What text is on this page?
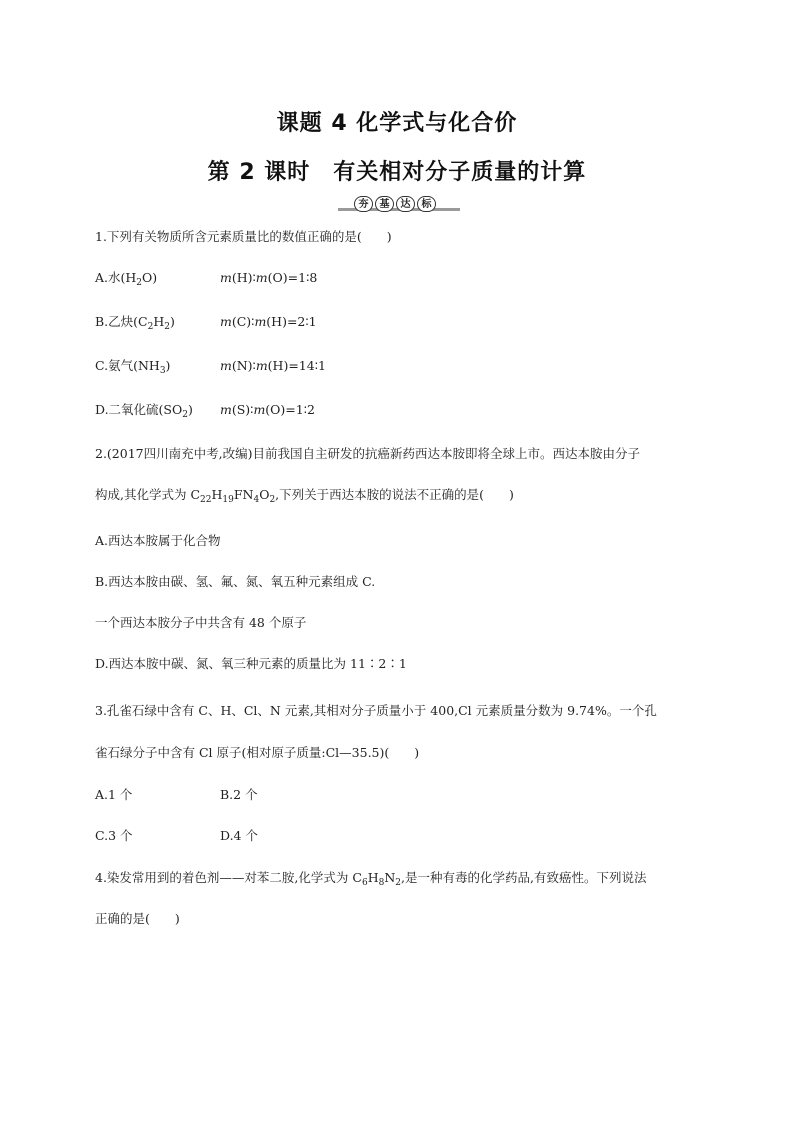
课题 4 化学式与化合价
第 2 课时　有关相对分子质量的计算
夯	基	达	标
1.下列有关物质所含元素质量比的数值正确的是(　　)
A.水$(H_2O)$	m(H)∶m(O)=1∶8
B.乙炔$(C_2H_2)$	m(C)∶m(H)=2∶1
C.氨气$(NH_3)$	m(N)∶m(H)=14∶1
D.二氧化硫$(SO_2)$ m(S)∶m(O)=1∶2
2.(2017四川南充中考,改编)目前我国自主研发的抗癌新药西达本胺即将全球上市。西达本胺由分子
构成,其化学式为 $C_{22}H_{19}FN_4O_2$,下列关于西达本胺的说法不正确的是(　　)
A.西达本胺属于化合物
B.西达本胺由碳、氢、氟、氮、氧五种元素组成 C.
一个西达本胺分子中共含有 48 个原子
D.西达本胺中碳、氮、氧三种元素的质量比为 11∶2∶1
3.孔雀石绿中含有 C、H、Cl、N 元素,其相对分子质量小于 400,Cl 元素质量分数为 9.74%。一个孔
雀石绿分子中含有 Cl 原子(相对原子质量:Cl—35.5)(　　)
A.1 个	B.2 个
C.3 个	D.4 个
4.染发常用到的着色剂——对苯二胺,化学式为 $C_6H_8N_2$,是一种有毒的化学药品,有致癌性。下列说法
正确的是(　　)
